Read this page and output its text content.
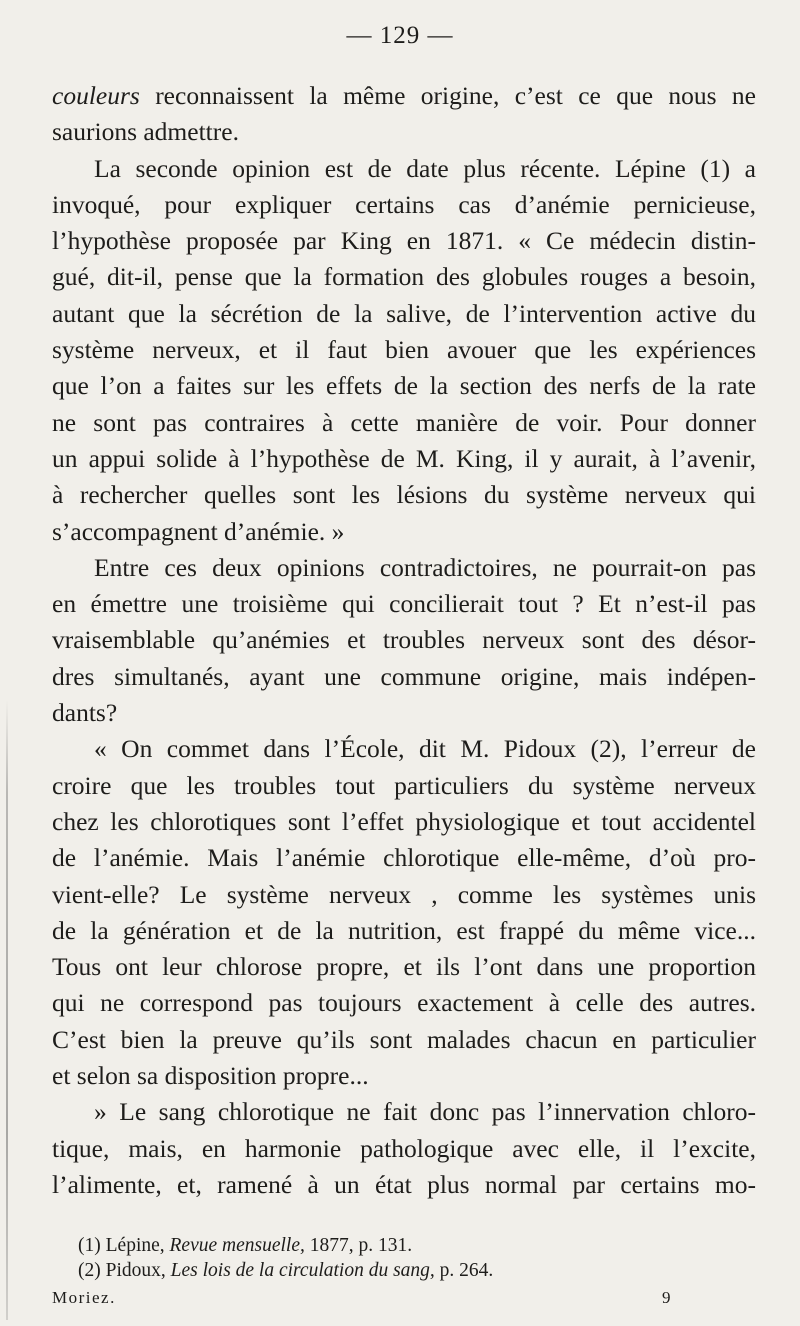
— 129 —
couleurs reconnaissent la même origine, c’est ce que nous ne
saurions admettre.
La seconde opinion est de date plus récente. Lépine (1) a
invoqué, pour expliquer certains cas d’anémie pernicieuse,
l’hypothèse proposée par King en 1871. « Ce médecin distin-
gué, dit-il, pense que la formation des globules rouges a besoin,
autant que la sécrétion de la salive, de l’intervention active du
système nerveux, et il faut bien avouer que les expériences
que l’on a faites sur les effets de la section des nerfs de la rate
ne sont pas contraires à cette manière de voir. Pour donner
un appui solide à l’hypothèse de M. King, il y aurait, à l’avenir,
à rechercher quelles sont les lésions du système nerveux qui
s’accompagnent d’anémie. »
Entre ces deux opinions contradictoires, ne pourrait-on pas
en émettre une troisième qui concilierait tout ? Et n’est-il pas
vraisemblable qu’anémies et troubles nerveux sont des désor-
dres simultanés, ayant une commune origine, mais indépen-
dants?
« On commet dans l’École, dit M. Pidoux (2), l’erreur de
croire que les troubles tout particuliers du système nerveux
chez les chlorotiques sont l’effet physiologique et tout accidentel
de l’anémie. Mais l’anémie chlorotique elle-même, d’où pro-
vient-elle? Le système nerveux , comme les systèmes unis
de la génération et de la nutrition, est frappé du même vice...
Tous ont leur chlorose propre, et ils l’ont dans une proportion
qui ne correspond pas toujours exactement à celle des autres.
C’est bien la preuve qu’ils sont malades chacun en particulier
et selon sa disposition propre...
» Le sang chlorotique ne fait donc pas l’innervation chloro-
tique, mais, en harmonie pathologique avec elle, il l’excite,
l’alimente, et, ramené à un état plus normal par certains mo-
(1) Lépine, Revue mensuelle, 1877, p. 131.
(2) Pidoux, Les lois de la circulation du sang, p. 264.
Moriez.	9
